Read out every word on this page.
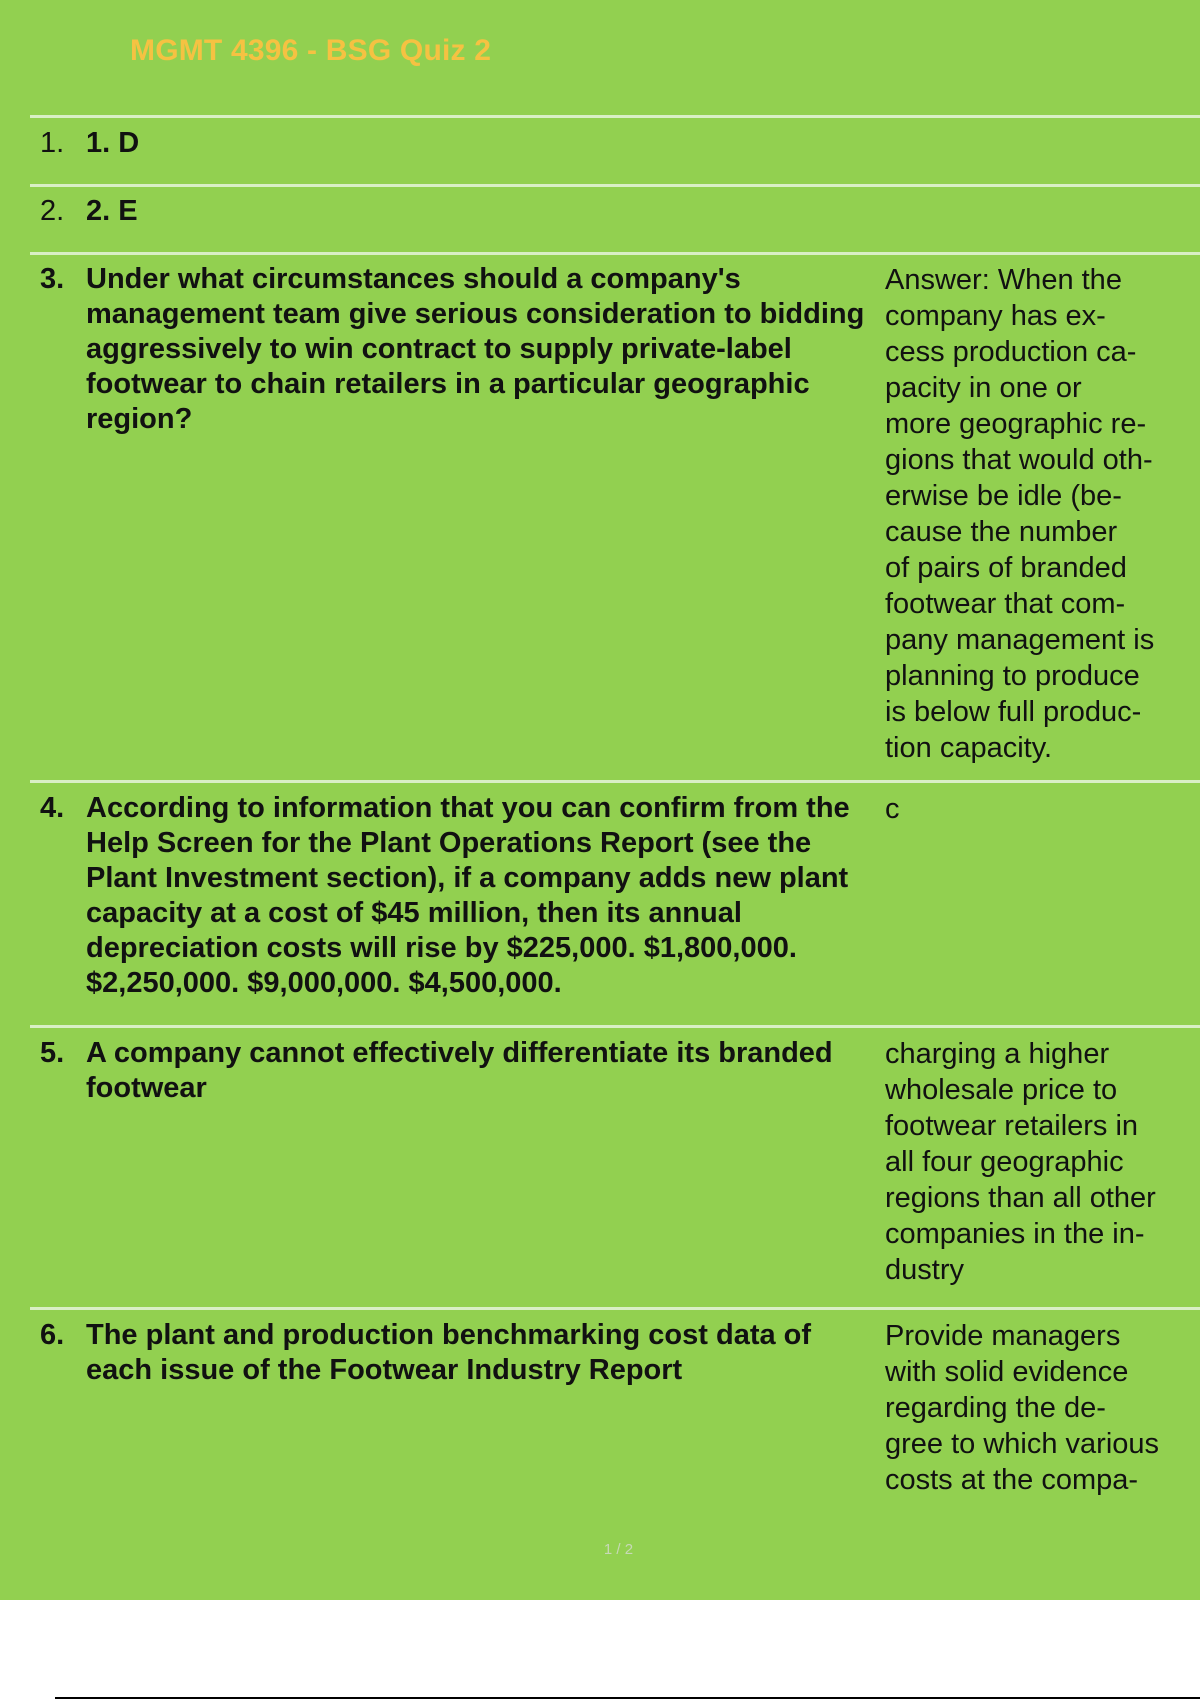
MGMT 4396 - BSG Quiz 2
1. 1. D
2. 2. E
3. Under what circumstances should a company's management team give serious consideration to bidding aggressively to win contract to supply private-label footwear to chain retailers in a particular geographic region?
Answer: When the
company has ex-
cess production ca-
pacity in one or
more geographic re-
gions that would oth-
erwise be idle (be-
cause the number
of pairs of branded
footwear that com-
pany management is
planning to produce
is below full produc-
tion capacity.
4. According to information that you can confirm from the Help Screen for the Plant Operations Report (see the Plant Investment section), if a company adds new plant capacity at a cost of $45 million, then its annual depreciation costs will rise by $225,000. $1,800,000. $2,250,000. $9,000,000. $4,500,000.
c
5. A company cannot effectively differentiate its branded footwear
charging a higher
wholesale price to
footwear retailers in
all four geographic
regions than all other
companies in the in-
dustry
6. The plant and production benchmarking cost data of each issue of the Footwear Industry Report
Provide managers
with solid evidence
regarding the de-
gree to which various
costs at the compa-
1 / 2
